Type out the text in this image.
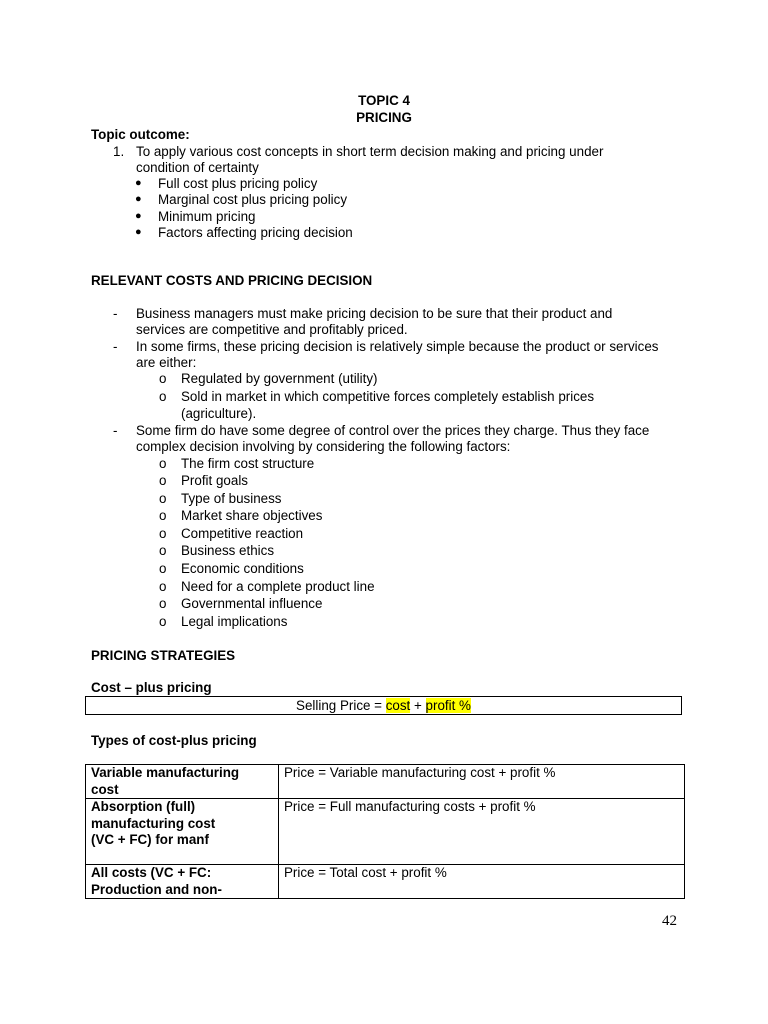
TOPIC 4
PRICING
Topic outcome:
1. To apply various cost concepts in short term decision making and pricing under
condition of certainty
● Full cost plus pricing policy
● Marginal cost plus pricing policy
● Minimum pricing
● Factors affecting pricing decision
RELEVANT COSTS AND PRICING DECISION
- Business managers must make pricing decision to be sure that their product and
services are competitive and profitably priced.
- In some firms, these pricing decision is relatively simple because the product or services
are either:
o Regulated by government (utility)
o Sold in market in which competitive forces completely establish prices
(agriculture).
- Some firm do have some degree of control over the prices they charge. Thus they face
complex decision involving by considering the following factors:
o The firm cost structure
o Profit goals
o Type of business
o Market share objectives
o Competitive reaction
o Business ethics
o Economic conditions
o Need for a complete product line
o Governmental influence
o Legal implications
PRICING STRATEGIES
Cost – plus pricing
Selling Price = cost + profit %
Types of cost-plus pricing
Variable manufacturing
cost	Price = Variable manufacturing cost + profit %

Absorption (full)
manufacturing cost
(VC + FC) for manf	Price = Full manufacturing costs + profit %

All costs (VC + FC:
Production and non-	Price = Total cost + profit %
42
